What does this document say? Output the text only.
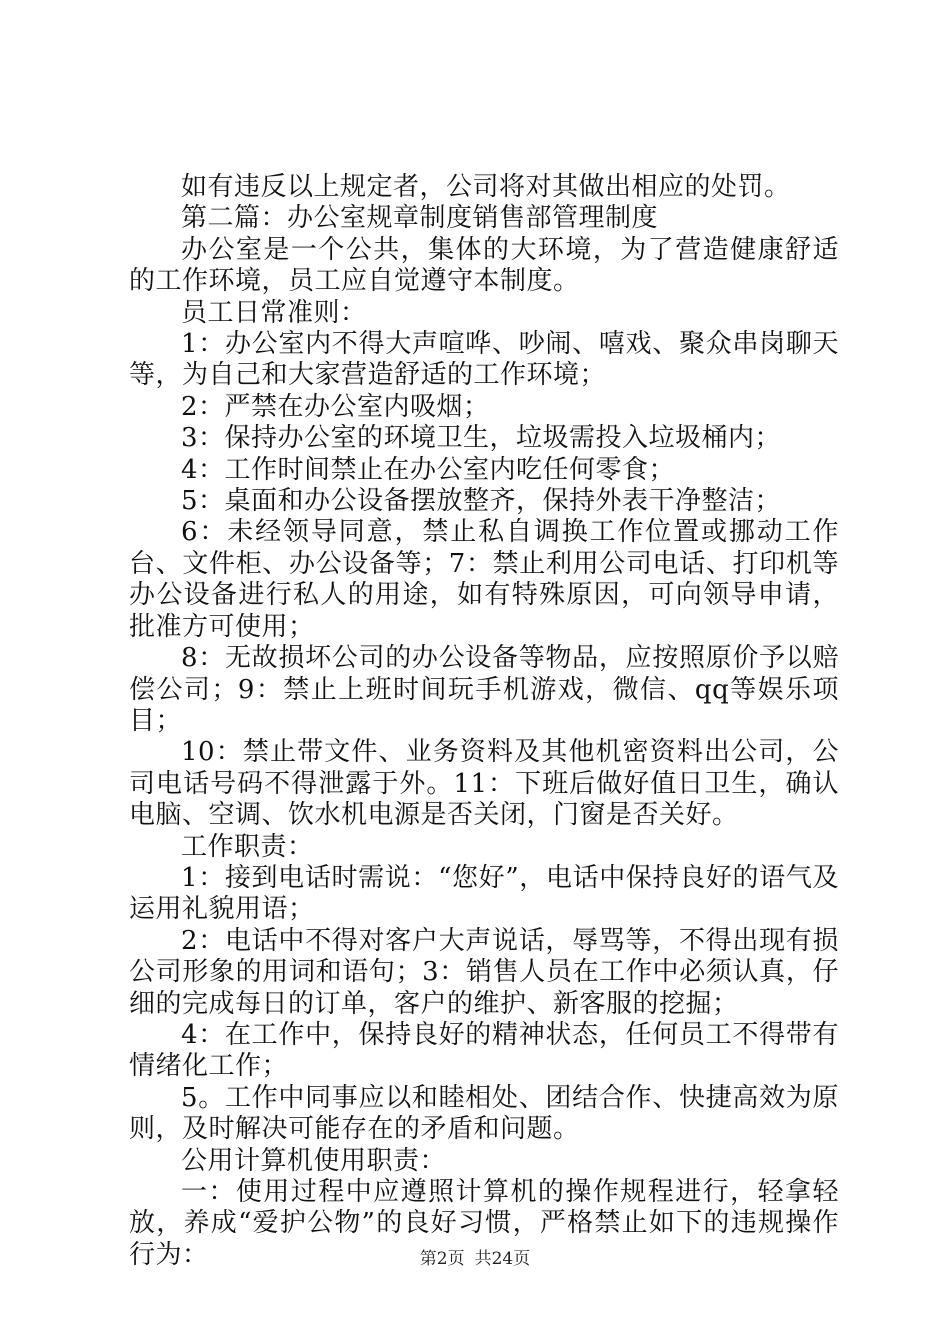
如有违反以上规定者，公司将对其做出相应的处罚。

第二篇：办公室规章制度销售部管理制度

办公室是一个公共，集体的大环境，为了营造健康舒适的工作环境，员工应自觉遵守本制度。

员工日常准则：

1：办公室内不得大声喧哗、吵闹、嘻戏、聚众串岗聊天等，为自己和大家营造舒适的工作环境；

2：严禁在办公室内吸烟；

3：保持办公室的环境卫生，垃圾需投入垃圾桶内；

4：工作时间禁止在办公室内吃任何零食；

5：桌面和办公设备摆放整齐，保持外表干净整洁；

6：未经领导同意，禁止私自调换工作位置或挪动工作台、文件柜、办公设备等；7：禁止利用公司电话、打印机等办公设备进行私人的用途，如有特殊原因，可向领导申请，批准方可使用；

8：无故损坏公司的办公设备等物品，应按照原价予以赔偿公司；9：禁止上班时间玩手机游戏，微信、qq等娱乐项目；

10：禁止带文件、业务资料及其他机密资料出公司，公司电话号码不得泄露于外。11：下班后做好值日卫生，确认电脑、空调、饮水机电源是否关闭，门窗是否关好。

工作职责：

1：接到电话时需说：“您好”，电话中保持良好的语气及运用礼貌用语；

2：电话中不得对客户大声说话，辱骂等，不得出现有损公司形象的用词和语句；3：销售人员在工作中必须认真，仔细的完成每日的订单，客户的维护、新客服的挖掘；

4：在工作中，保持良好的精神状态，任何员工不得带有情绪化工作；

5。工作中同事应以和睦相处、团结合作、快捷高效为原则，及时解决可能存在的矛盾和问题。

公用计算机使用职责：

一：使用过程中应遵照计算机的操作规程进行，轻拿轻放，养成“爱护公物”的良好习惯，严格禁止如下的违规操作行为：	第2页 共24页
